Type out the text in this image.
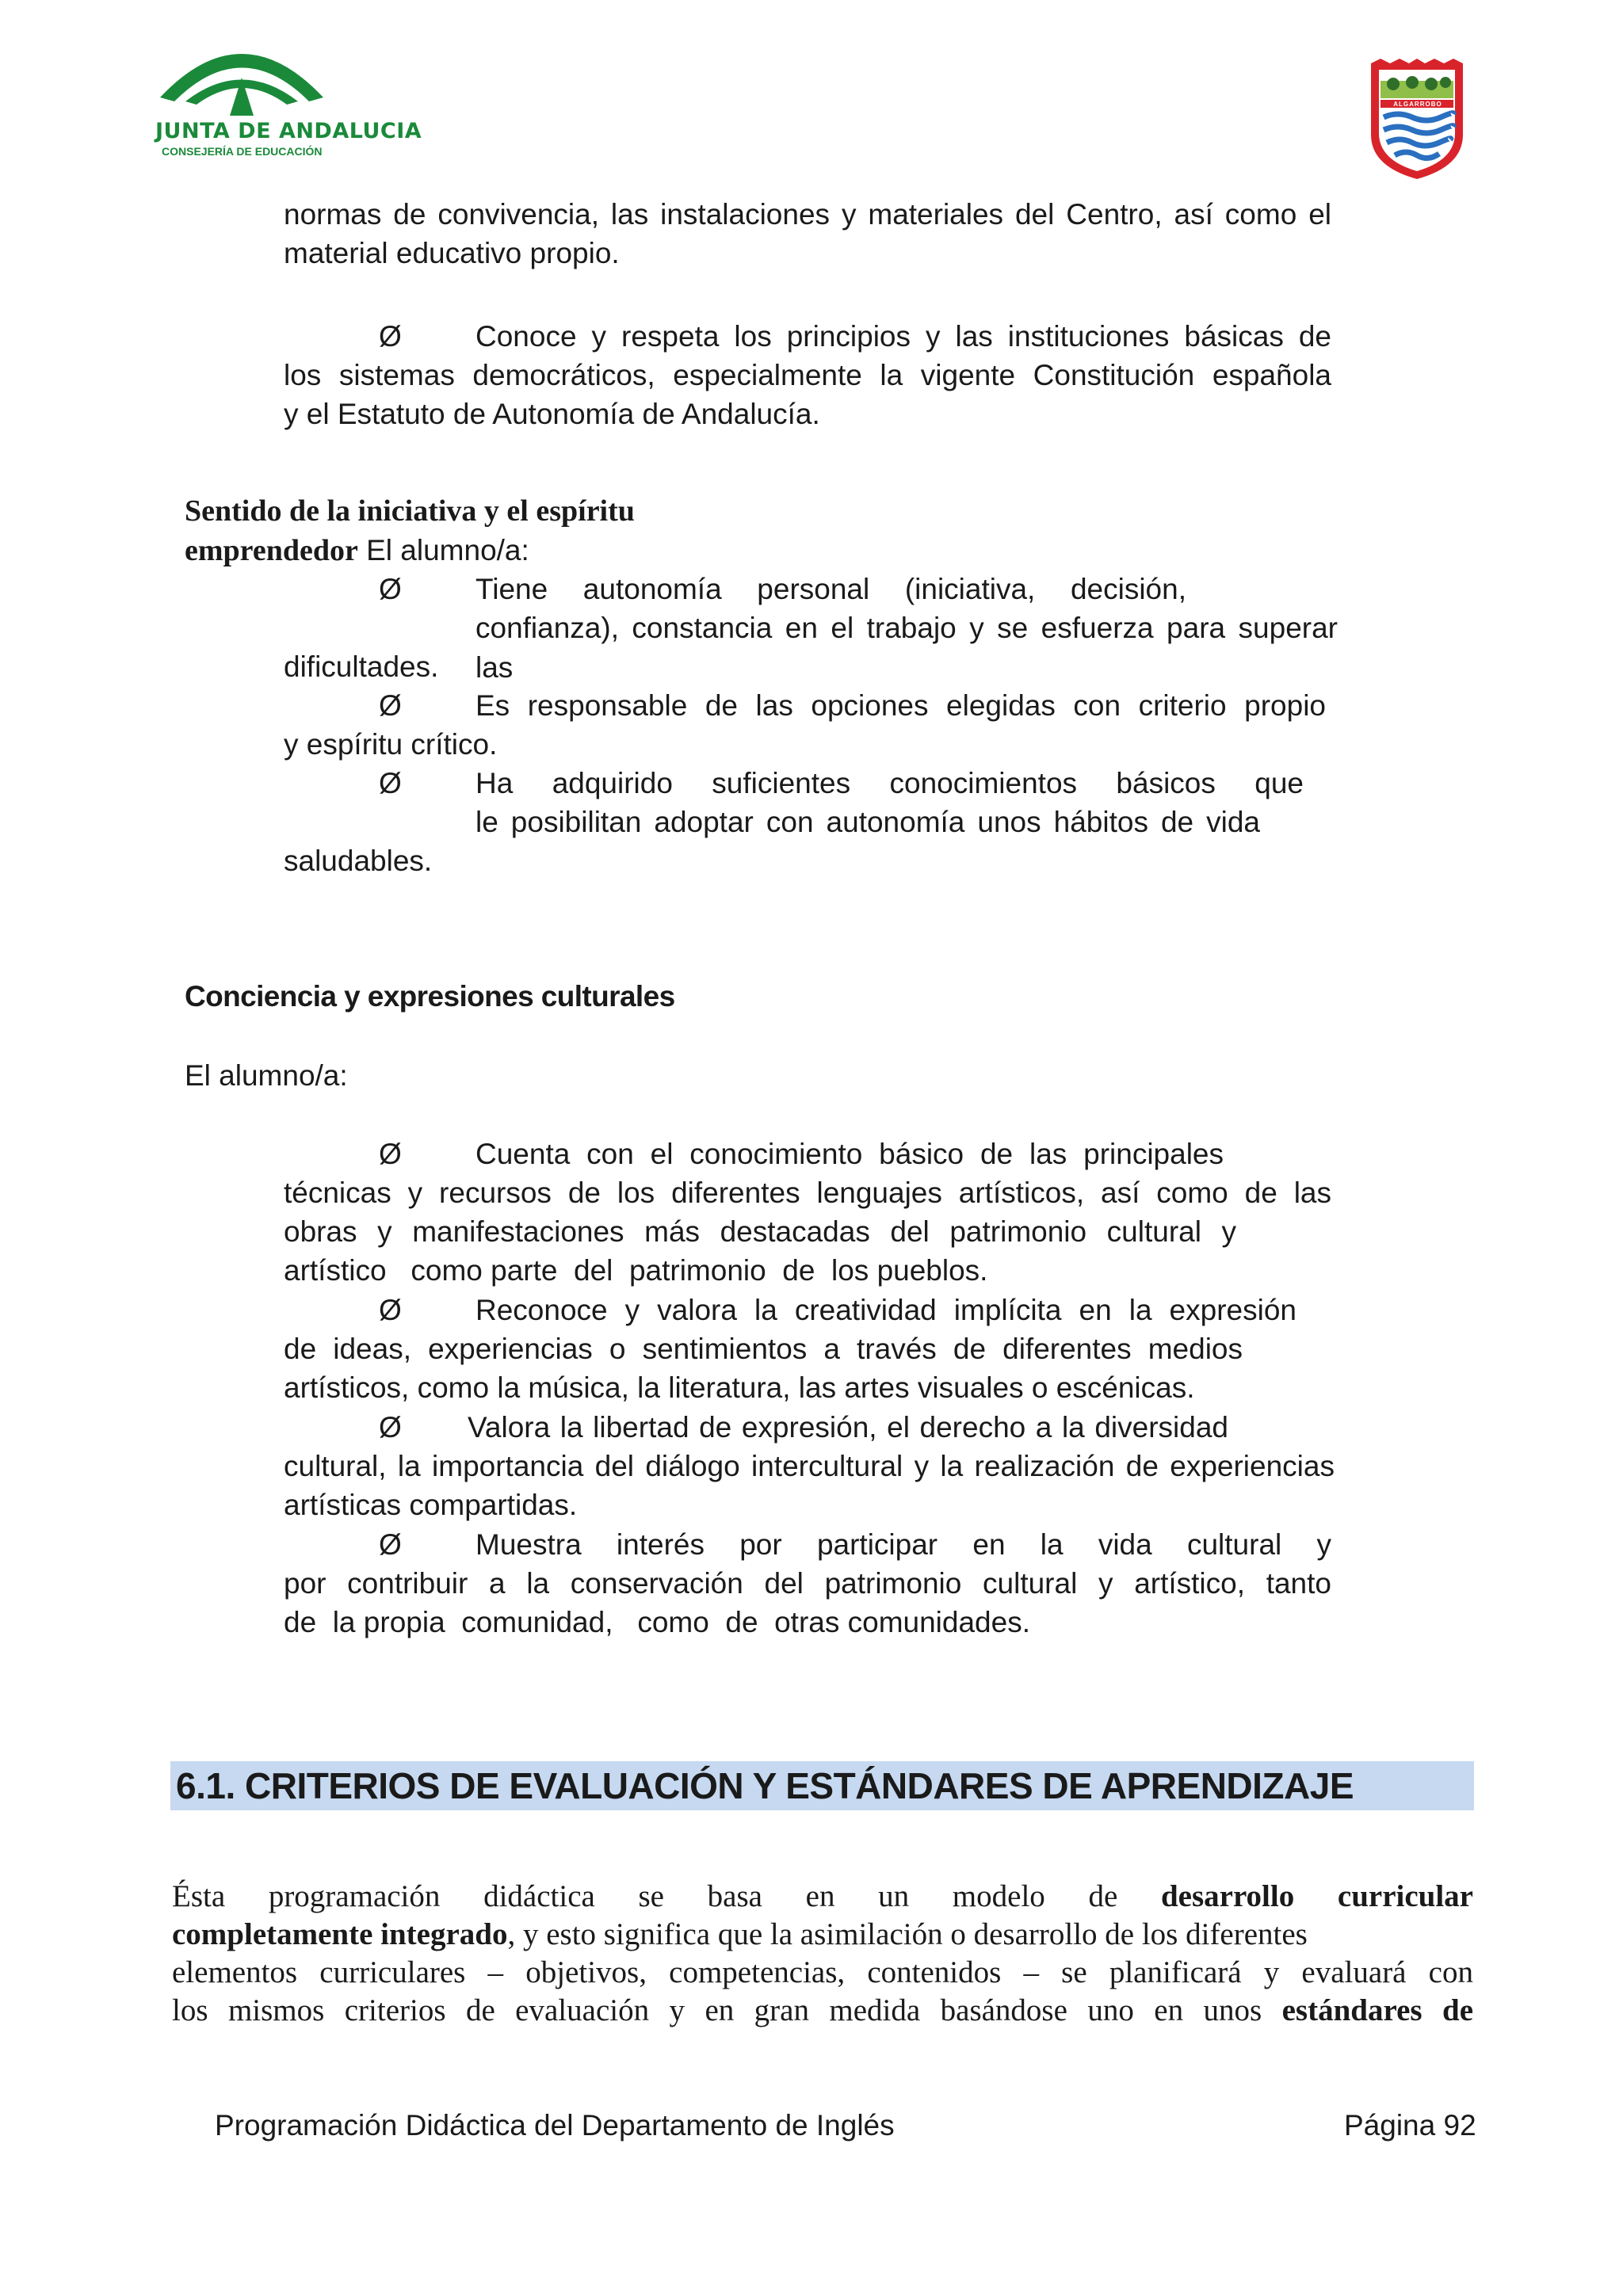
JUNTA DE ANDALUCIA
CONSEJERÍA DE EDUCACIÓN
ALGARROBO
normas de convivencia, las instalaciones y materiales del Centro, así como el
material educativo propio.
Ø	Conoce y respeta los principios y las instituciones básicas de
los sistemas democráticos, especialmente la vigente Constitución española
y el Estatuto de Autonomía de Andalucía.
Sentido de la iniciativa y el espíritu
emprendedor El alumno/a:
Ø	Tiene autonomía personal (iniciativa, decisión,
confianza), constancia en el trabajo y se esfuerza para superar las
dificultades.
Ø	Es responsable de las opciones elegidas con criterio propio
y espíritu crítico.
Ø	Ha adquirido suficientes conocimientos básicos que
le posibilitan adoptar con autonomía unos hábitos de vida
saludables.
Conciencia y expresiones culturales
El alumno/a:
Ø	Cuenta con el conocimiento básico de las principales
técnicas y recursos de los diferentes lenguajes artísticos, así como de las
obras y manifestaciones más destacadas del patrimonio cultural y
artístico   como parte  del  patrimonio  de  los pueblos.
Ø	Reconoce y valora la creatividad implícita en la expresión
de ideas, experiencias o sentimientos a través de diferentes medios
artísticos, como la música, la literatura, las artes visuales o escénicas.
Ø Valora la libertad de expresión, el derecho a la diversidad
cultural, la importancia del diálogo intercultural y la realización de experiencias
artísticas compartidas.
Ø	Muestra interés por participar en la vida cultural y
por contribuir a la conservación del patrimonio cultural y artístico, tanto
de  la propia  comunidad,   como  de  otras comunidades.
6.1. CRITERIOS DE EVALUACIÓN Y ESTÁNDARES DE APRENDIZAJE
Ésta programación didáctica se basa en un modelo de desarrollo curricular
completamente integrado, y esto significa que la asimilación o desarrollo de los diferentes
elementos curriculares – objetivos, competencias, contenidos – se planificará y evaluará con
los mismos criterios de evaluación y en gran medida basándose uno en unos estándares de
Programación Didáctica del Departamento de Inglés	Página 92
